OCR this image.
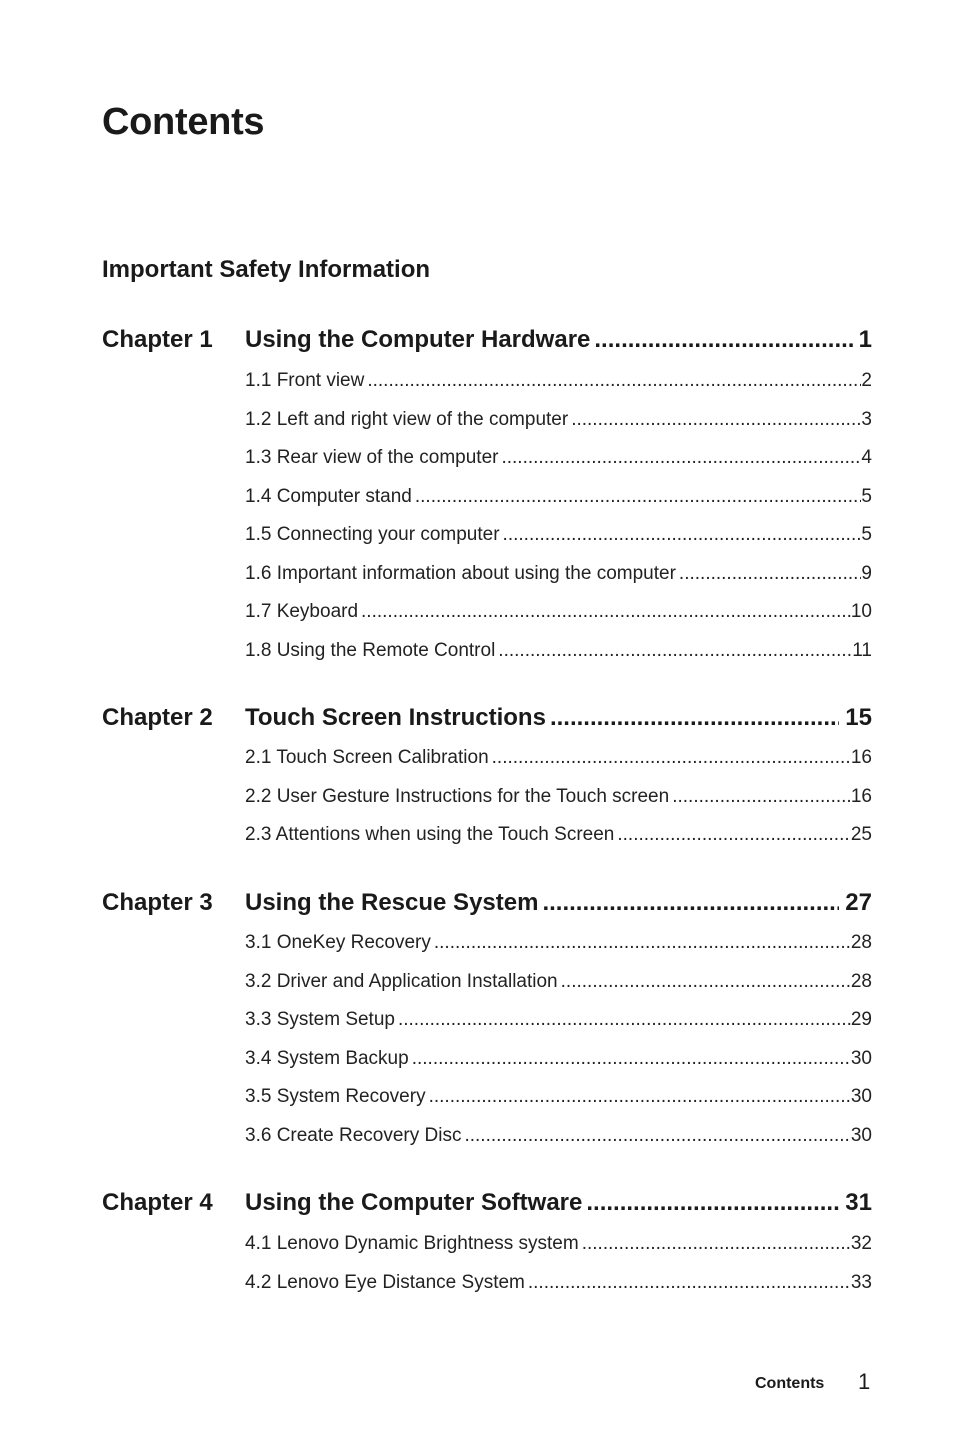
Contents
Important Safety Information
Chapter 1	Using the Computer Hardware .....	1
1.1 Front view .....	2
1.2 Left and right view of the computer .....	3
1.3 Rear view of the computer .....	4
1.4 Computer stand .....	5
1.5 Connecting your computer .....	5
1.6 Important information about using the computer .....	9
1.7 Keyboard .....	10
1.8 Using the Remote Control .....	11
Chapter 2	Touch Screen Instructions .....	15
2.1 Touch Screen Calibration .....	16
2.2 User Gesture Instructions for the Touch screen .....	16
2.3 Attentions when using the Touch Screen .....	25
Chapter 3	Using the Rescue System .....	27
3.1 OneKey Recovery .....	28
3.2 Driver and Application Installation .....	28
3.3 System Setup .....	29
3.4 System Backup .....	30
3.5 System Recovery .....	30
3.6 Create Recovery Disc .....	30
Chapter 4	Using the Computer Software .....	31
4.1 Lenovo Dynamic Brightness system .....	32
4.2 Lenovo Eye Distance System .....	33
Contents 1
